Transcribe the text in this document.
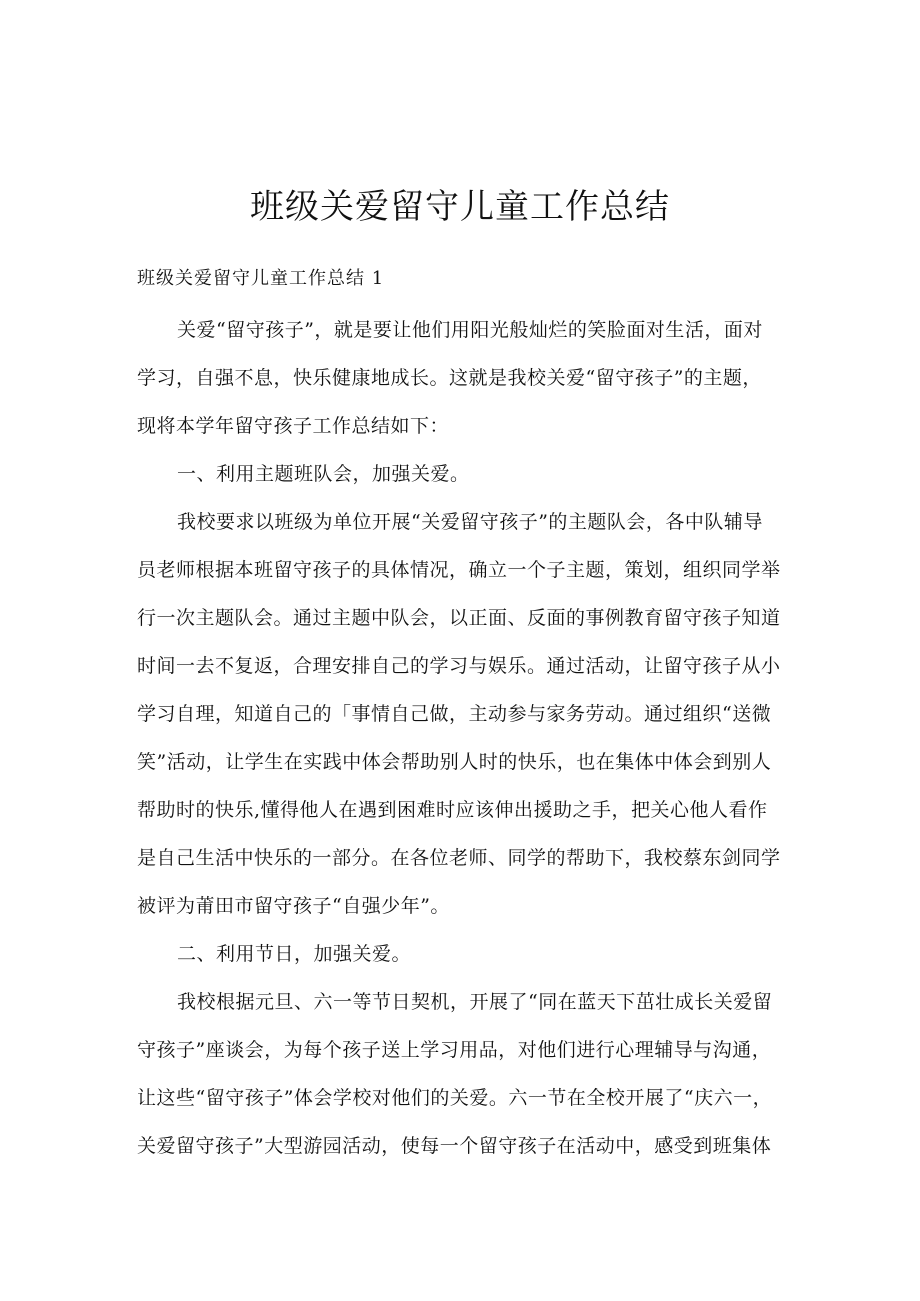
班级关爱留守儿童工作总结
班级关爱留守儿童工作总结 1

关爱“留守孩子”，就是要让他们用阳光般灿烂的笑脸面对生活，面对
学习，自强不息，快乐健康地成长。这就是我校关爱“留守孩子”的主题，
现将本学年留守孩子工作总结如下：

一、利用主题班队会，加强关爱。

我校要求以班级为单位开展“关爱留守孩子”的主题队会，各中队辅导
员老师根据本班留守孩子的具体情况，确立一个子主题，策划，组织同学举
行一次主题队会。通过主题中队会，以正面、反面的事例教育留守孩子知道
时间一去不复返，合理安排自己的学习与娱乐。通过活动，让留守孩子从小
学习自理，知道自己的「事情自己做，主动参与家务劳动。通过组织“送微
笑”活动，让学生在实践中体会帮助别人时的快乐，也在集体中体会到别人
帮助时的快乐,懂得他人在遇到困难时应该伸出援助之手，把关心他人看作
是自己生活中快乐的一部分。在各位老师、同学的帮助下，我校蔡东剑同学
被评为莆田市留守孩子“自强少年”。

二、利用节日，加强关爱。

我校根据元旦、六一等节日契机，开展了“同在蓝天下茁壮成长关爱留
守孩子”座谈会，为每个孩子送上学习用品，对他们进行心理辅导与沟通，
让这些“留守孩子”体会学校对他们的关爱。六一节在全校开展了“庆六一，
关爱留守孩子”大型游园活动，使每一个留守孩子在活动中，感受到班集体
